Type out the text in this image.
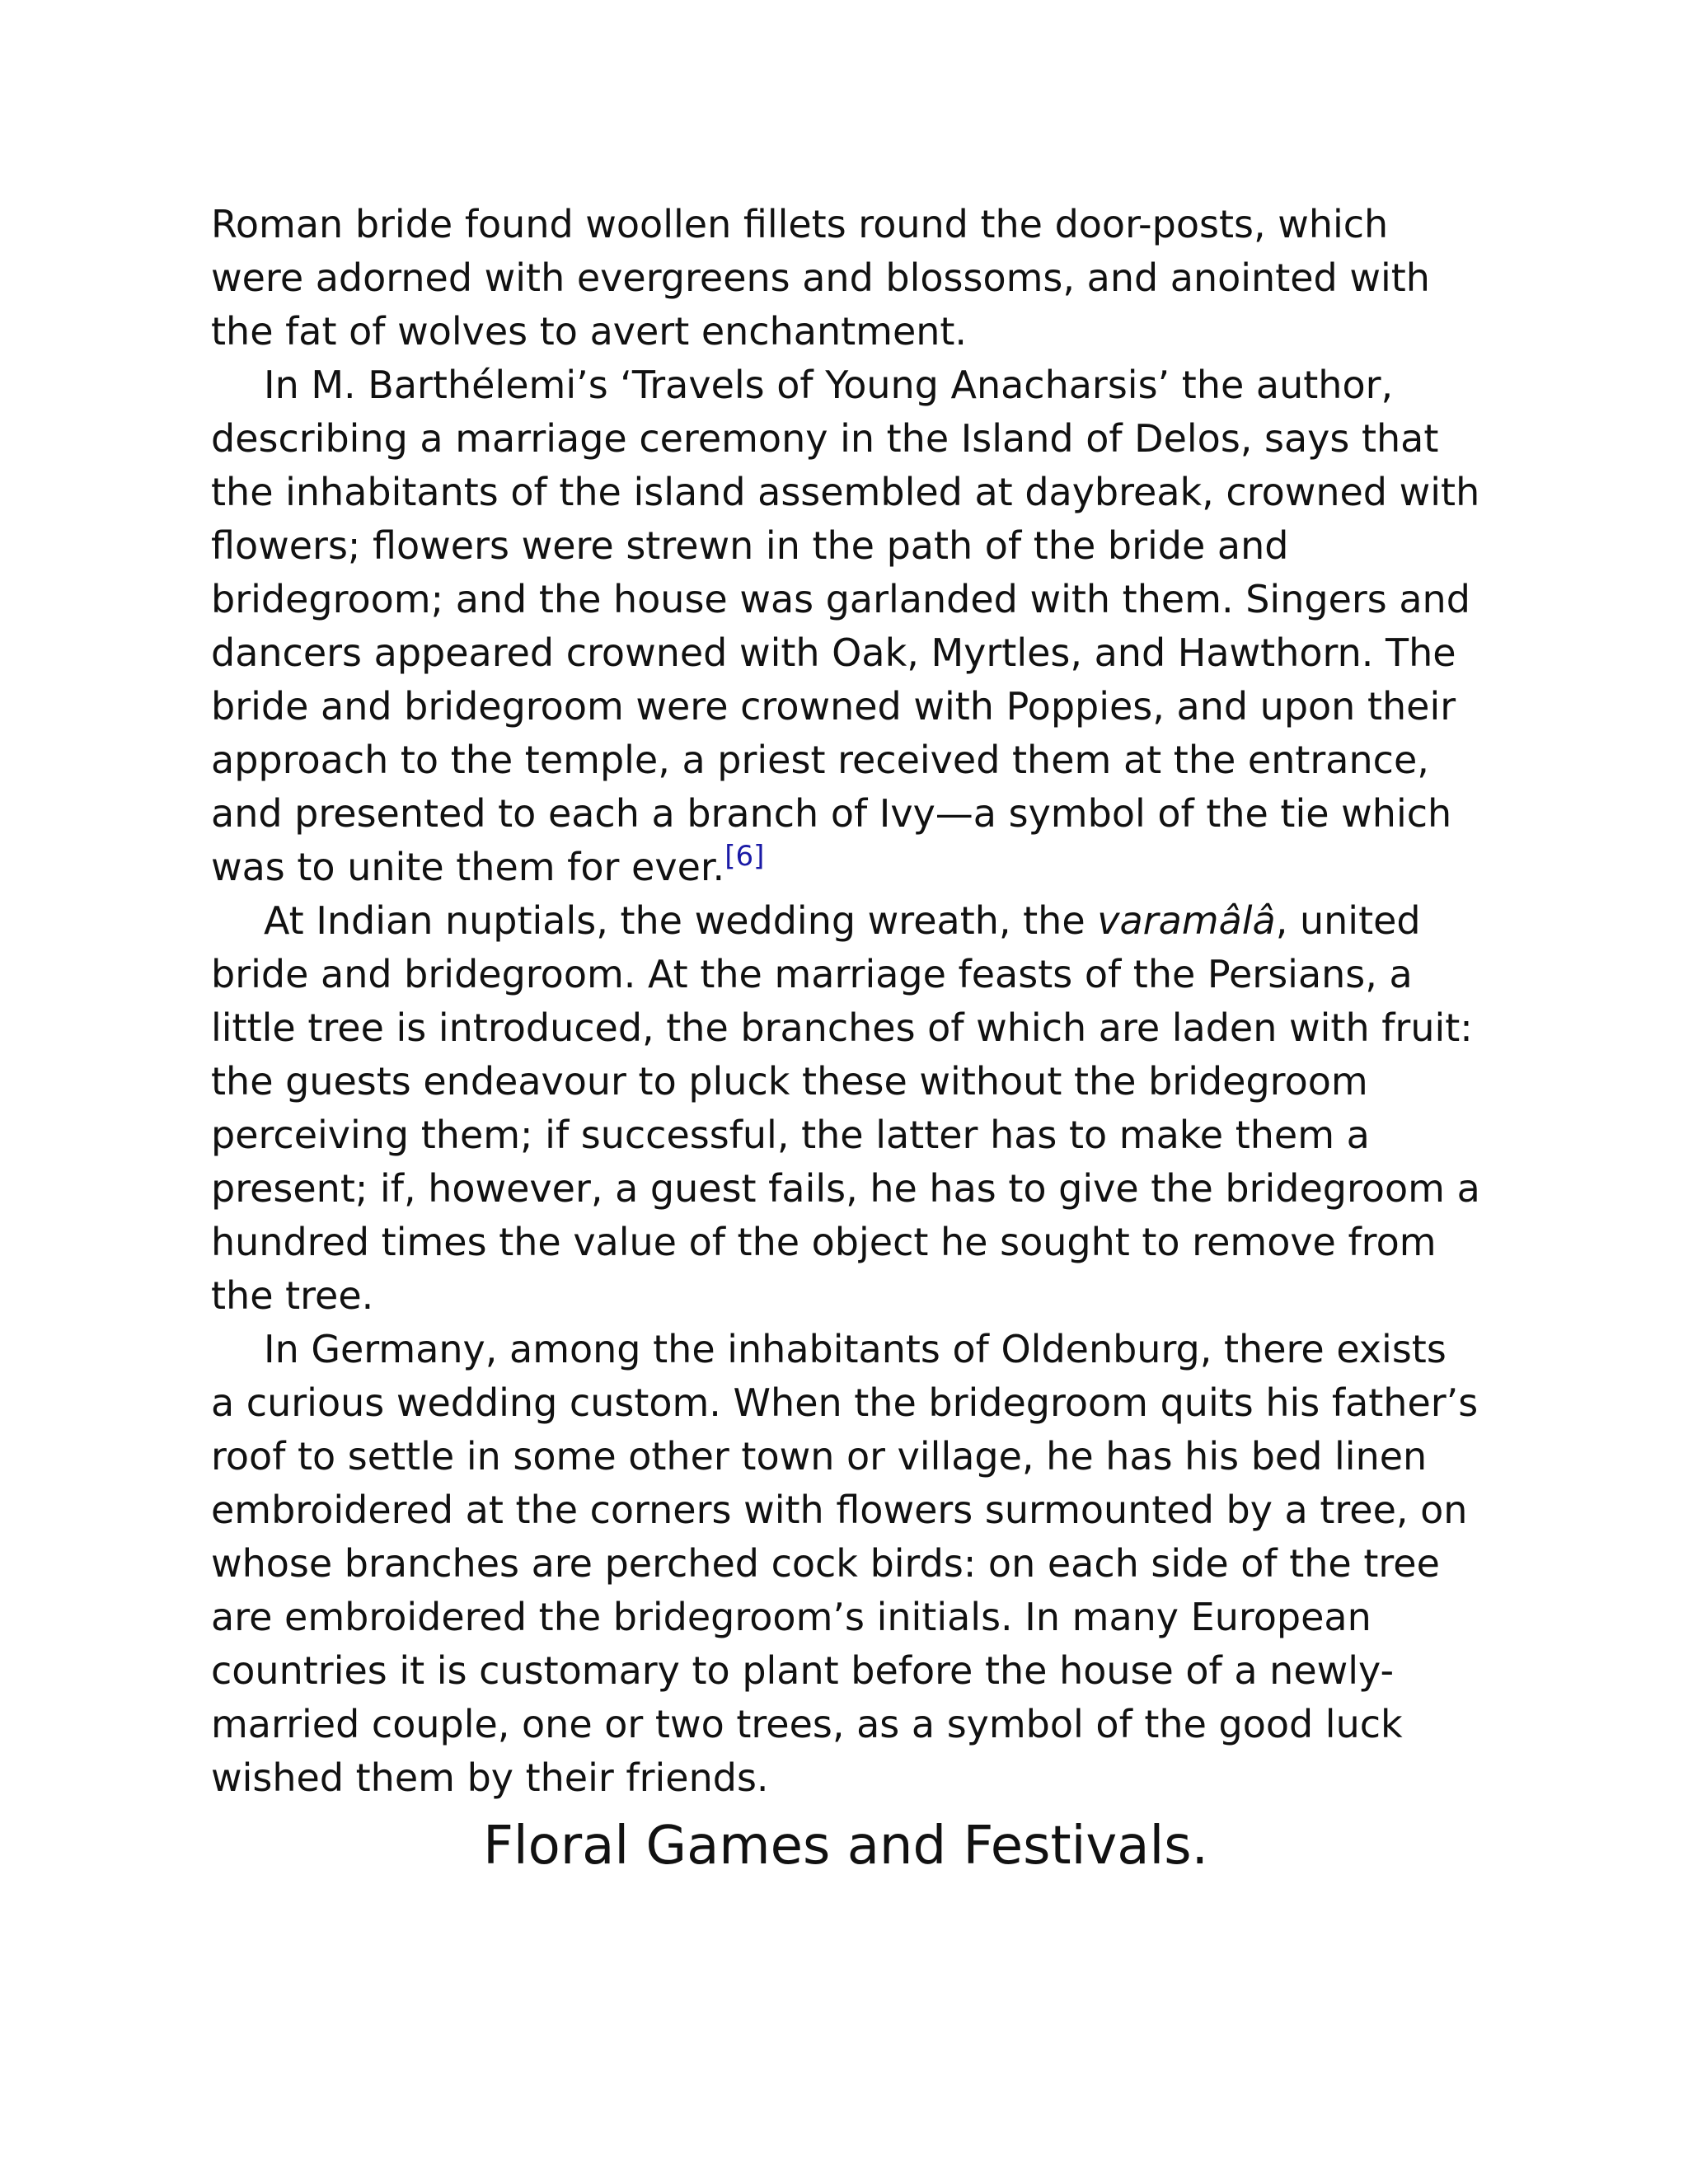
Roman bride found woollen fillets round the door-posts, which were adorned with evergreens and blossoms, and anointed with the fat of wolves to avert enchantment.

In M. Barthélemi’s ‘Travels of Young Anacharsis’ the author, describing a marriage ceremony in the Island of Delos, says that the inhabitants of the island assembled at daybreak, crowned with flowers; flowers were strewn in the path of the bride and bridegroom; and the house was garlanded with them. Singers and dancers appeared crowned with Oak, Myrtles, and Hawthorn. The bride and bridegroom were crowned with Poppies, and upon their approach to the temple, a priest received them at the entrance, and presented to each a branch of Ivy—a symbol of the tie which was to unite them for ever.[6]

At Indian nuptials, the wedding wreath, the varamâlâ, united bride and bridegroom. At the marriage feasts of the Persians, a little tree is introduced, the branches of which are laden with fruit: the guests endeavour to pluck these without the bridegroom perceiving them; if successful, the latter has to make them a present; if, however, a guest fails, he has to give the bridegroom a hundred times the value of the object he sought to remove from the tree.

In Germany, among the inhabitants of Oldenburg, there exists a curious wedding custom. When the bridegroom quits his father’s roof to settle in some other town or village, he has his bed linen embroidered at the corners with flowers surmounted by a tree, on whose branches are perched cock birds: on each side of the tree are embroidered the bridegroom’s initials. In many European countries it is customary to plant before the house of a newly-married couple, one or two trees, as a symbol of the good luck wished them by their friends.

Floral Games and Festivals.
